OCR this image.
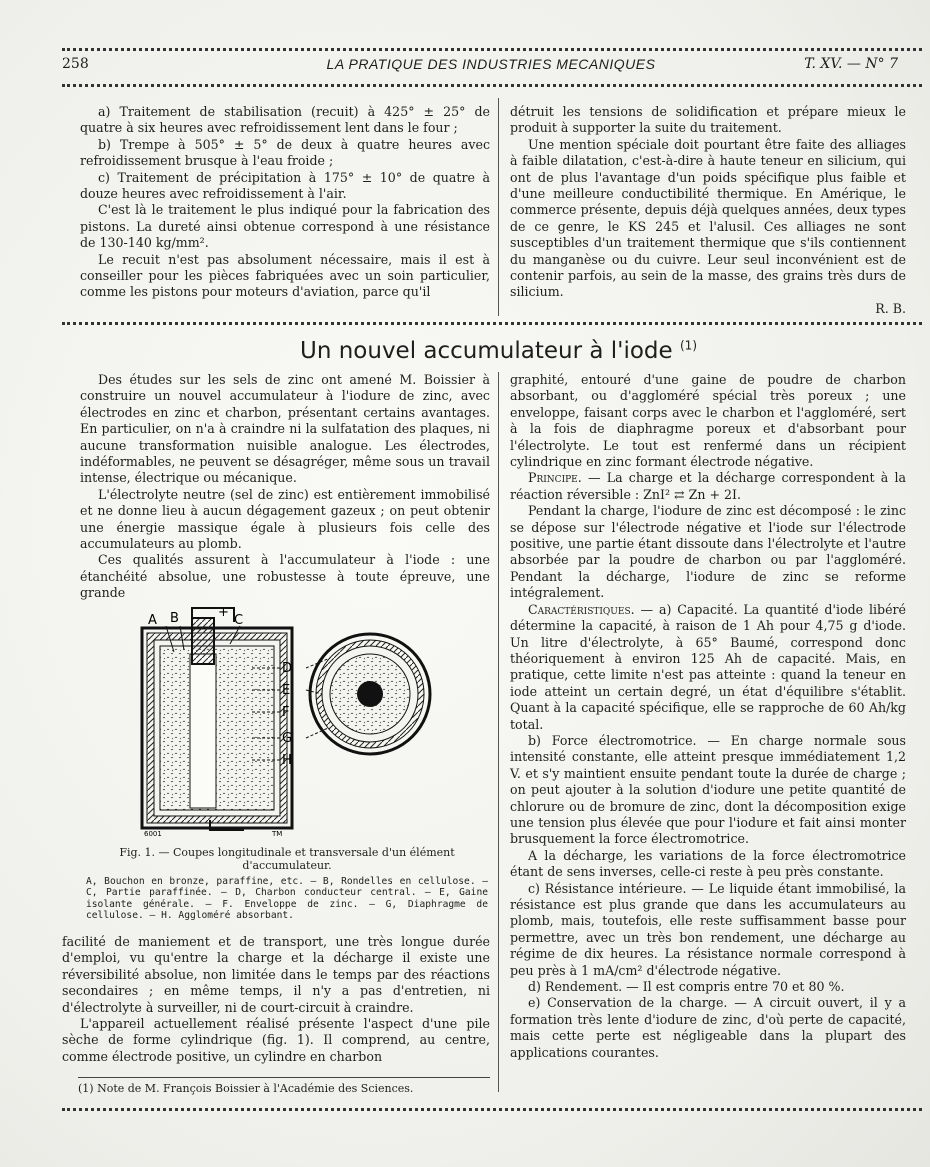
258	LA PRATIQUE DES INDUSTRIES MECANIQUES	T. XV. — N° 7

a) Traitement de stabilisation (recuit) à 425° ± 25° de quatre à six heures avec refroidissement lent dans le four ;

b) Trempe à 505° ± 5° de deux à quatre heures avec refroidissement brusque à l'eau froide ;

c) Traitement de précipitation à 175° ± 10° de quatre à douze heures avec refroidissement à l'air.

C'est là le traitement le plus indiqué pour la fabrication des pistons. La dureté ainsi obtenue correspond à une résistance de 130-140 kg/mm².

Le recuit n'est pas absolument nécessaire, mais il est à conseiller pour les pièces fabriquées avec un soin particulier, comme les pistons pour moteurs d'aviation, parce qu'il

détruit les tensions de solidification et prépare mieux le produit à supporter la suite du traitement.

Une mention spéciale doit pourtant être faite des alliages à faible dilatation, c'est-à-dire à haute teneur en silicium, qui ont de plus l'avantage d'un poids spécifique plus faible et d'une meilleure conductibilité thermique. En Amérique, le commerce présente, depuis déjà quelques années, deux types de ce genre, le KS 245 et l'alusil. Ces alliages ne sont susceptibles d'un traitement thermique que s'ils contiennent du manganèse ou du cuivre. Leur seul inconvénient est de contenir parfois, au sein de la masse, des grains très durs de silicium.

R. B.

Un nouvel accumulateur à l'iode $^{(1)}$

Des études sur les sels de zinc ont amené M. Boissier à construire un nouvel accumulateur à l'iodure de zinc, avec électrodes en zinc et charbon, présentant certains avantages. En particulier, on n'a à craindre ni la sulfatation des plaques, ni aucune transformation nuisible analogue. Les électrodes, indéformables, ne peuvent se désagréger, même sous un travail intense, électrique ou mécanique.

L'électrolyte neutre (sel de zinc) est entièrement immobilisé et ne donne lieu à aucun dégagement gazeux ; on peut obtenir une énergie massique égale à plusieurs fois celle des accumulateurs au plomb.

Ces qualités assurent à l'accumulateur à l'iode : une étanchéité absolue, une robustesse à toute épreuve, une grande

A B	+
C
D
E
F
G
H
6001	TM
Fig. 1. — Coupes longitudinale et transversale d'un élément d'accumulateur.
A, Bouchon en bronze, paraffine, etc. — B, Rondelles en cellulose. — C, Partie paraffinée. — D, Charbon conducteur central. — E, Gaine isolante générale. — F. Enveloppe de zinc. — G, Diaphragme de cellulose. — H. Aggloméré absorbant.

facilité de maniement et de transport, une très longue durée d'emploi, vu qu'entre la charge et la décharge il existe une réversibilité absolue, non limitée dans le temps par des réactions secondaires ; en même temps, il n'y a pas d'entretien, ni d'électrolyte à surveiller, ni de court-circuit à craindre.

L'appareil actuellement réalisé présente l'aspect d'une pile sèche de forme cylindrique (fig. 1). Il comprend, au centre, comme électrode positive, un cylindre en charbon

(1) Note de M. François Boissier à l'Académie des Sciences.

graphité, entouré d'une gaine de poudre de charbon absorbant, ou d'aggloméré spécial très poreux ; une enveloppe, faisant corps avec le charbon et l'aggloméré, sert à la fois de diaphragme poreux et d'absorbant pour l'électrolyte. Le tout est renfermé dans un récipient cylindrique en zinc formant électrode négative.

Principe. — La charge et la décharge correspondent à la réaction réversible : ZnI² ⇄ Zn + 2I.

Pendant la charge, l'iodure de zinc est décomposé : le zinc se dépose sur l'électrode négative et l'iode sur l'électrode positive, une partie étant dissoute dans l'électrolyte et l'autre absorbée par la poudre de charbon ou par l'aggloméré. Pendant la décharge, l'iodure de zinc se reforme intégralement.

Caractéristiques. — a) Capacité. La quantité d'iode libéré détermine la capacité, à raison de 1 Ah pour 4,75 g d'iode. Un litre d'électrolyte, à 65° Baumé, correspond donc théoriquement à environ 125 Ah de capacité. Mais, en pratique, cette limite n'est pas atteinte : quand la teneur en iode atteint un certain degré, un état d'équilibre s'établit. Quant à la capacité spécifique, elle se rapproche de 60 Ah/kg total.

b) Force électromotrice. — En charge normale sous intensité constante, elle atteint presque immédiatement 1,2 V. et s'y maintient ensuite pendant toute la durée de charge ; on peut ajouter à la solution d'iodure une petite quantité de chlorure ou de bromure de zinc, dont la décomposition exige une tension plus élevée que pour l'iodure et fait ainsi monter brusquement la force électromotrice.

A la décharge, les variations de la force électromotrice étant de sens inverses, celle-ci reste à peu près constante.

c) Résistance intérieure. — Le liquide étant immobilisé, la résistance est plus grande que dans les accumulateurs au plomb, mais, toutefois, elle reste suffisamment basse pour permettre, avec un très bon rendement, une décharge au régime de dix heures. La résistance normale correspond à peu près à 1 mA/cm² d'électrode négative.

d) Rendement. — Il est compris entre 70 et 80 %.

e) Conservation de la charge. — A circuit ouvert, il y a formation très lente d'iodure de zinc, d'où perte de capacité, mais cette perte est négligeable dans la plupart des applications courantes.
